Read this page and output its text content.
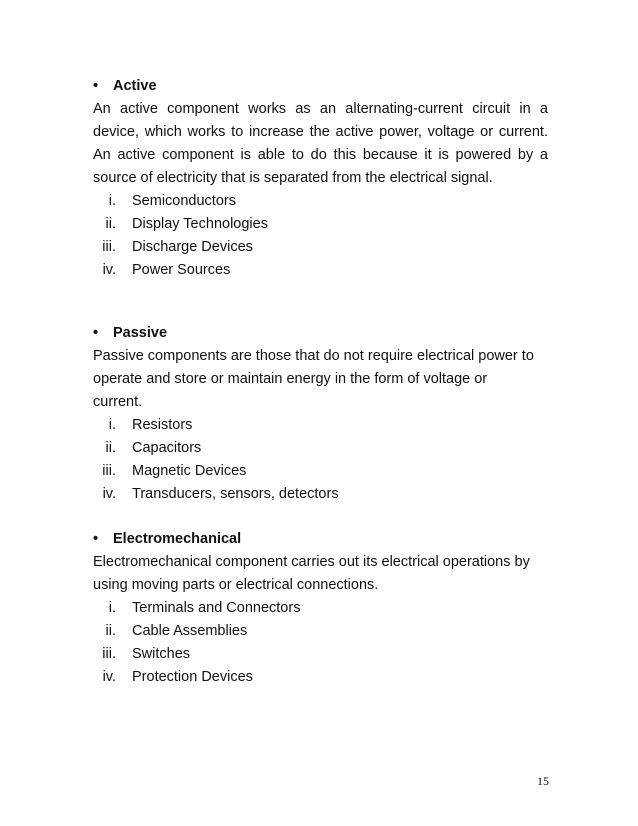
• Active
An active component works as an alternating-current circuit in a
device, which works to increase the active power, voltage or current.
An active component is able to do this because it is powered by a
source of electricity that is separated from the electrical signal.
i. Semiconductors
ii. Display Technologies
iii. Discharge Devices
iv. Power Sources
• Passive
Passive components are those that do not require electrical power to
operate and store or maintain energy in the form of voltage or
current.
i. Resistors
ii. Capacitors
iii. Magnetic Devices
iv. Transducers, sensors, detectors
• Electromechanical
Electromechanical component carries out its electrical operations by
using moving parts or electrical connections.
i. Terminals and Connectors
ii. Cable Assemblies
iii. Switches
iv. Protection Devices
15
